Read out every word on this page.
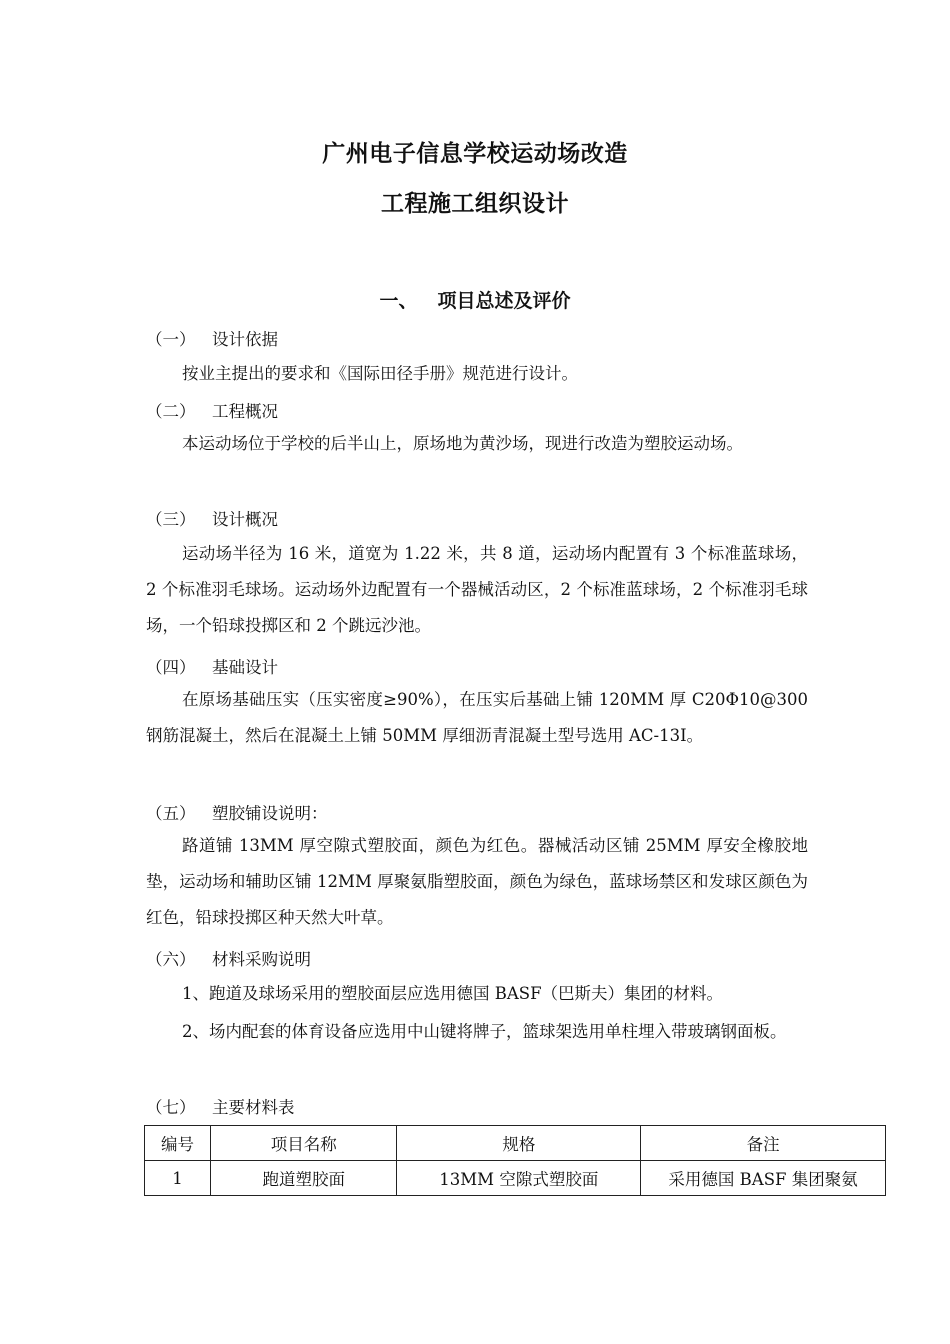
广州电子信息学校运动场改造
工程施工组织设计
一、 项目总述及评价

（一） 设计依据

按业主提出的要求和《国际田径手册》规范进行设计。

（二） 工程概况

本运动场位于学校的后半山上，原场地为黄沙场，现进行改造为塑胶运动场。

（三） 设计概况

运动场半径为 16 米，道宽为 1.22 米，共 8 道，运动场内配置有 3 个标准蓝球场，2 个标准羽毛球场。运动场外边配置有一个器械活动区，2 个标准蓝球场，2 个标准羽毛球场，一个铅球投掷区和 2 个跳远沙池。

（四） 基础设计

在原场基础压实（压实密度≥90%），在压实后基础上铺 120MM 厚 C20Φ10@300 钢筋混凝土，然后在混凝土上铺 50MM 厚细沥青混凝土型号选用 AC-13I。

（五） 塑胶铺设说明：

路道铺 13MM 厚空隙式塑胶面，颜色为红色。器械活动区铺 25MM 厚安全橡胶地垫，运动场和辅助区铺 12MM 厚聚氨脂塑胶面，颜色为绿色，蓝球场禁区和发球区颜色为红色，铅球投掷区种天然大叶草。

（六） 材料采购说明

1、跑道及球场采用的塑胶面层应选用德国 BASF（巴斯夫）集团的材料。

2、场内配套的体育设备应选用中山键将牌子，篮球架选用单柱埋入带玻璃钢面板。

（七） 主要材料表

编号	项目名称	规格	备注
1	跑道塑胶面	13MM 空隙式塑胶面	采用德国 BASF 集团聚氨
